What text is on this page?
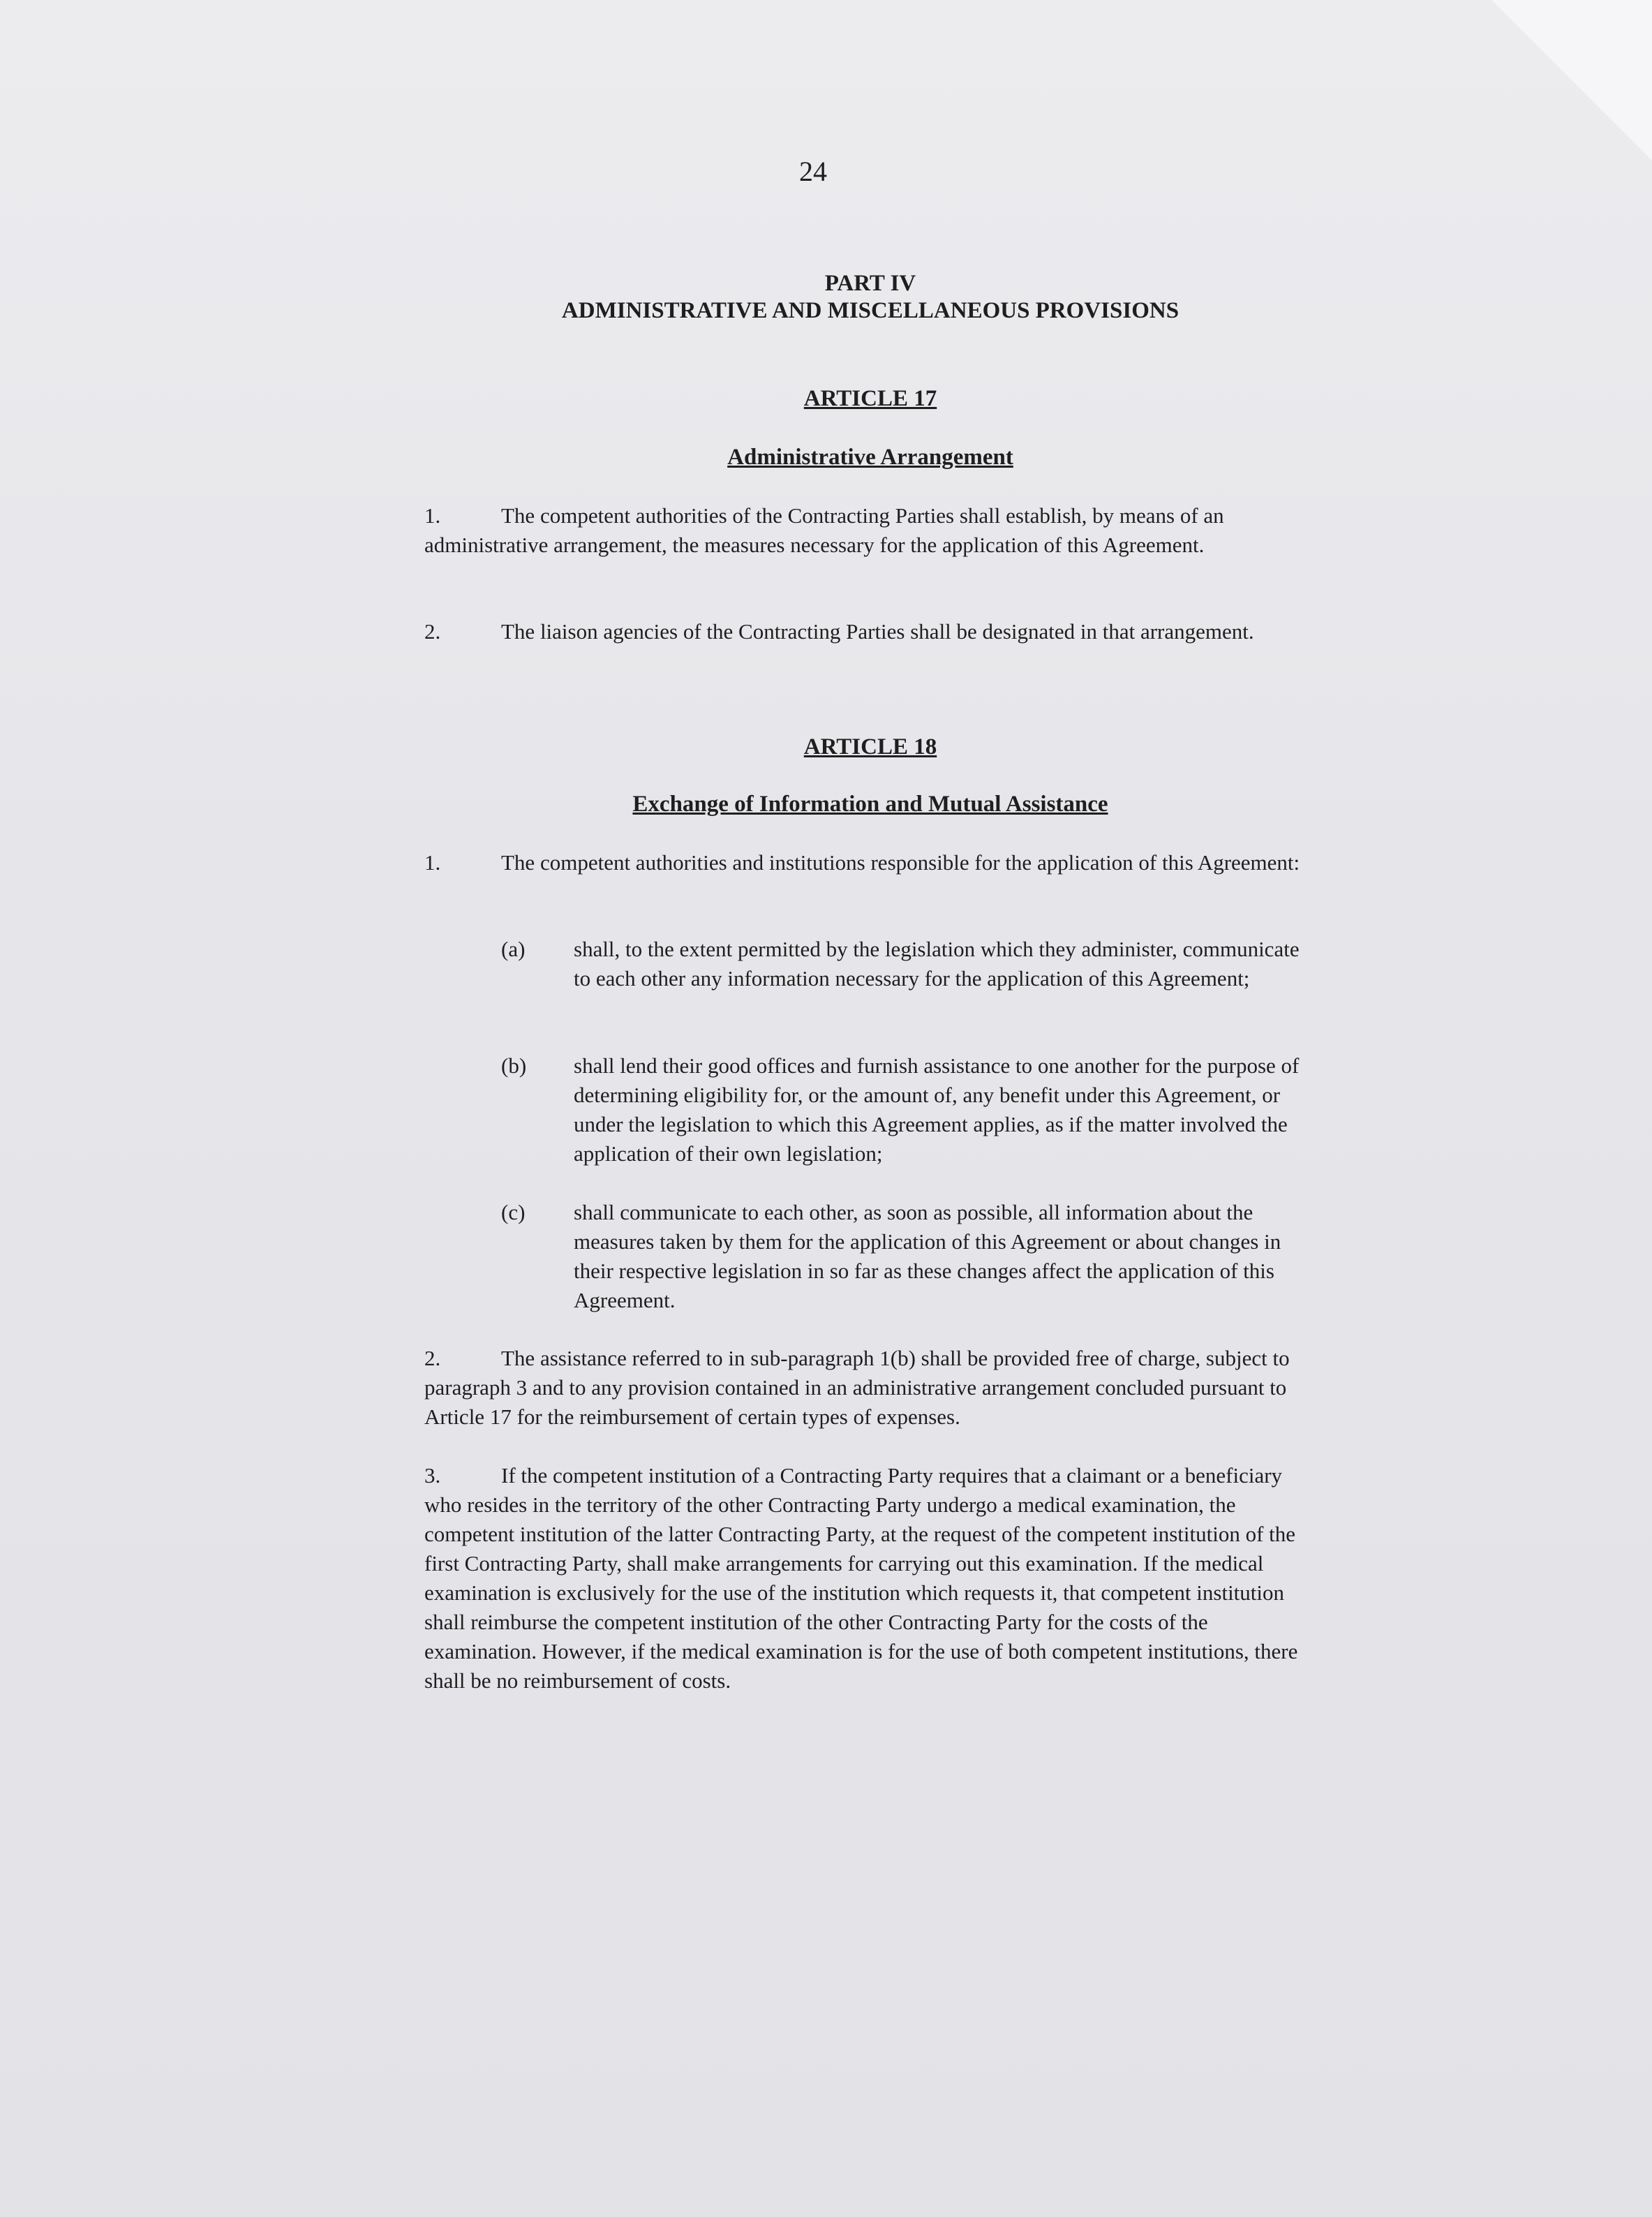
24
PART IV
ADMINISTRATIVE AND MISCELLANEOUS PROVISIONS
ARTICLE 17
Administrative Arrangement

1.	The competent authorities of the Contracting Parties shall establish, by means of an administrative arrangement, the measures necessary for the application of this Agreement.

2.	The liaison agencies of the Contracting Parties shall be designated in that arrangement.

ARTICLE 18
Exchange of Information and Mutual Assistance

1.	The competent authorities and institutions responsible for the application of this Agreement:

(a) shall, to the extent permitted by the legislation which they administer, communicate to each other any information necessary for the application of this Agreement;
(b) shall lend their good offices and furnish assistance to one another for the purpose of determining eligibility for, or the amount of, any benefit under this Agreement, or under the legislation to which this Agreement applies, as if the matter involved the application of their own legislation;
(c) shall communicate to each other, as soon as possible, all information about the measures taken by them for the application of this Agreement or about changes in their respective legislation in so far as these changes affect the application of this Agreement.

2.	The assistance referred to in sub-paragraph 1(b) shall be provided free of charge, subject to paragraph 3 and to any provision contained in an administrative arrangement concluded pursuant to Article 17 for the reimbursement of certain types of expenses.

3.	If the competent institution of a Contracting Party requires that a claimant or a beneficiary who resides in the territory of the other Contracting Party undergo a medical examination, the competent institution of the latter Contracting Party, at the request of the competent institution of the first Contracting Party, shall make arrangements for carrying out this examination. If the medical examination is exclusively for the use of the institution which requests it, that competent institution shall reimburse the competent institution of the other Contracting Party for the costs of the examination. However, if the medical examination is for the use of both competent institutions, there shall be no reimbursement of costs.
